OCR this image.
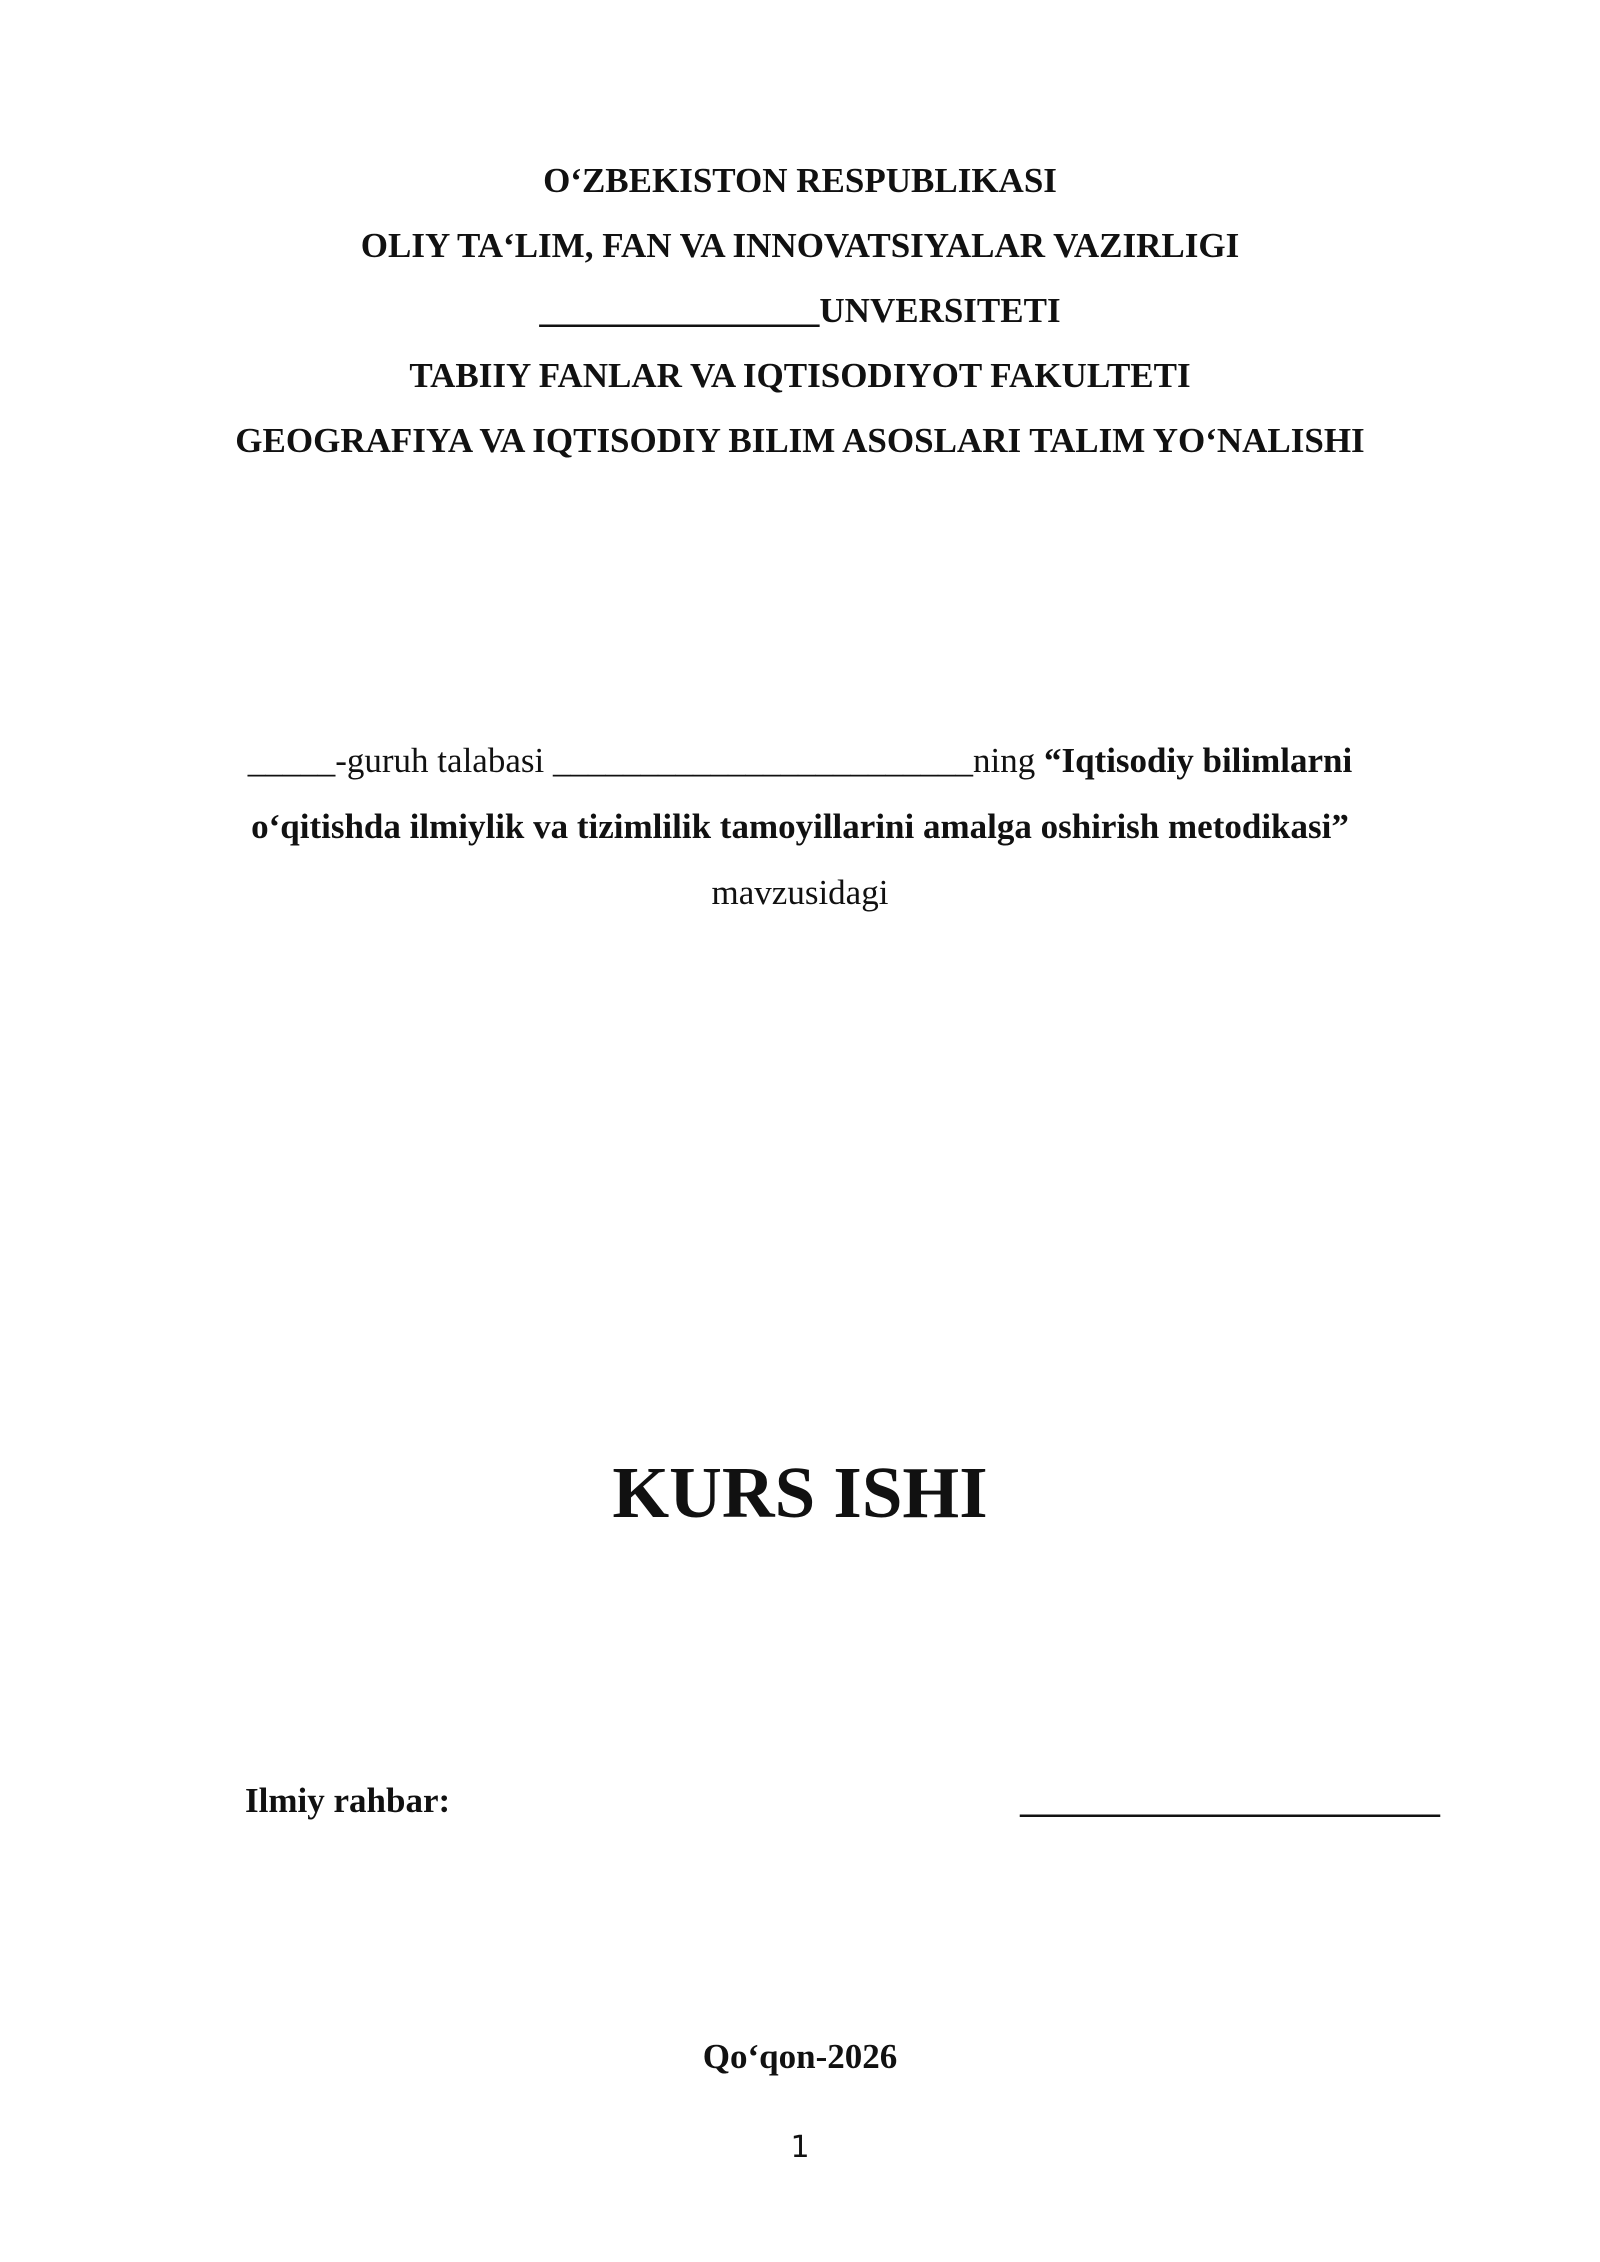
O‘ZBEKISTON RESPUBLIKASI
OLIY TA‘LIM, FAN VA INNOVATSIYALAR VAZIRLIGI
________________UNVERSITETI
TABIIY FANLAR VA IQTISODIYOT FAKULTETI
GEOGRAFIYA VA IQTISODIY BILIM ASOSLARI TALIM YO‘NALISHI
_____-guruh talabasi ________________________ning “Iqtisodiy bilimlarni
o‘qitishda ilmiylik va tizimlilik tamoyillarini amalga oshirish metodikasi”
mavzusidagi
KURS ISHI
Ilmiy rahbar:	________________________
Qo‘qon-2026
1
